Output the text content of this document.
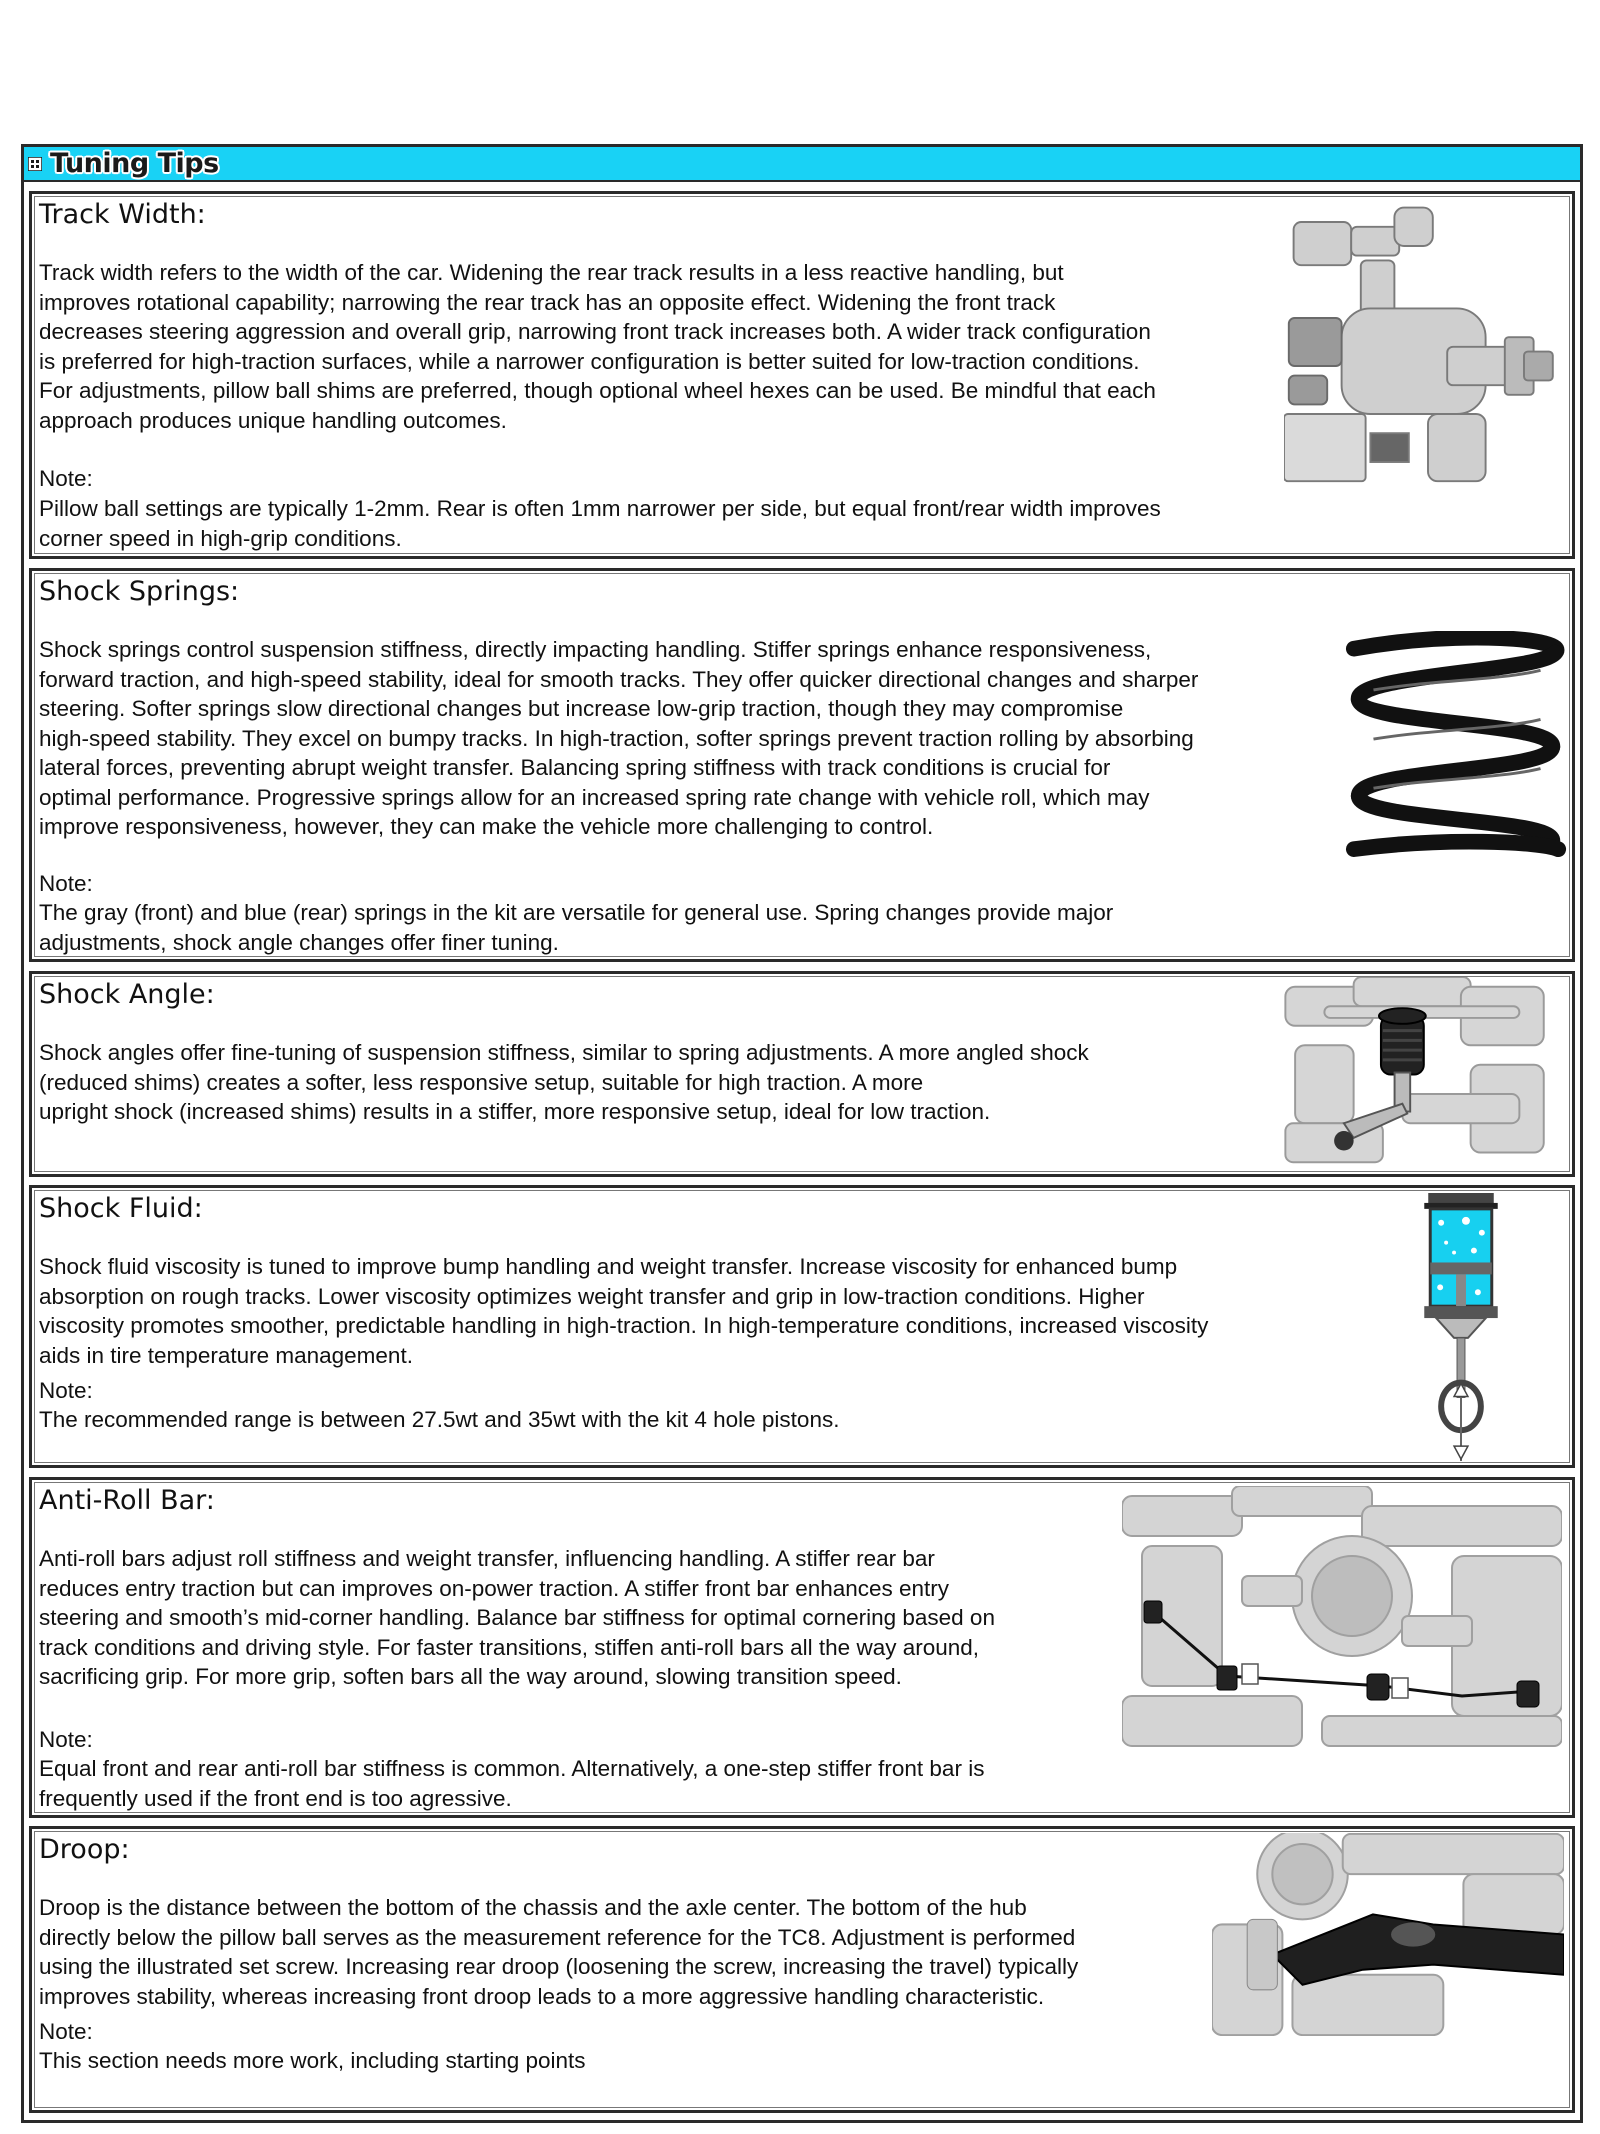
Tuning Tips
Track Width:
Track width refers to the width of the car. Widening the rear track results in a less reactive handling, but
improves rotational capability; narrowing the rear track has an opposite effect. Widening the front track
decreases steering aggression and overall grip, narrowing front track increases both. A wider track configuration
is preferred for high-traction surfaces, while a narrower configuration is better suited for low-traction conditions.
For adjustments, pillow ball shims are preferred, though optional wheel hexes can be used. Be mindful that each
approach produces unique handling outcomes.
Note:
Pillow ball settings are typically 1-2mm. Rear is often 1mm narrower per side, but equal front/rear width improves
corner speed in high-grip conditions.
Shock Springs:
Shock springs control suspension stiffness, directly impacting handling. Stiffer springs enhance responsiveness,
forward traction, and high-speed stability, ideal for smooth tracks. They offer quicker directional changes and sharper
steering. Softer springs slow directional changes but increase low-grip traction, though they may compromise
high-speed stability. They excel on bumpy tracks. In high-traction, softer springs prevent traction rolling by absorbing
lateral forces, preventing abrupt weight transfer. Balancing spring stiffness with track conditions is crucial for
optimal performance. Progressive springs allow for an increased spring rate change with vehicle roll, which may
improve responsiveness, however, they can make the vehicle more challenging to control.
Note:
The gray (front) and blue (rear) springs in the kit are versatile for general use. Spring changes provide major
adjustments, shock angle changes offer finer tuning.
Shock Angle:
Shock angles offer fine-tuning of suspension stiffness, similar to spring adjustments. A more angled shock
(reduced shims) creates a softer, less responsive setup, suitable for high traction. A more
upright shock (increased shims) results in a stiffer, more responsive setup, ideal for low traction.
Shock Fluid:
Shock fluid viscosity is tuned to improve bump handling and weight transfer. Increase viscosity for enhanced bump
absorption on rough tracks. Lower viscosity optimizes weight transfer and grip in low-traction conditions. Higher
viscosity promotes smoother, predictable handling in high-traction. In high-temperature conditions, increased viscosity
aids in tire temperature management.
Note:
The recommended range is between 27.5wt and 35wt with the kit 4 hole pistons.
Anti-Roll Bar:
Anti-roll bars adjust roll stiffness and weight transfer, influencing handling. A stiffer rear bar
reduces entry traction but can improves on-power traction. A stiffer front bar enhances entry
steering and smooth’s mid-corner handling. Balance bar stiffness for optimal cornering based on
track conditions and driving style. For faster transitions, stiffen anti-roll bars all the way around,
sacrificing grip. For more grip, soften bars all the way around, slowing transition speed.
Note:
Equal front and rear anti-roll bar stiffness is common. Alternatively, a one-step stiffer front bar is
frequently used if the front end is too agressive.
Droop:
Droop is the distance between the bottom of the chassis and the axle center. The bottom of the hub
directly below the pillow ball serves as the measurement reference for the TC8. Adjustment is performed
using the illustrated set screw. Increasing rear droop (loosening the screw, increasing the travel) typically
improves stability, whereas increasing front droop leads to a more aggressive handling characteristic.
Note:
This section needs more work, including starting points
